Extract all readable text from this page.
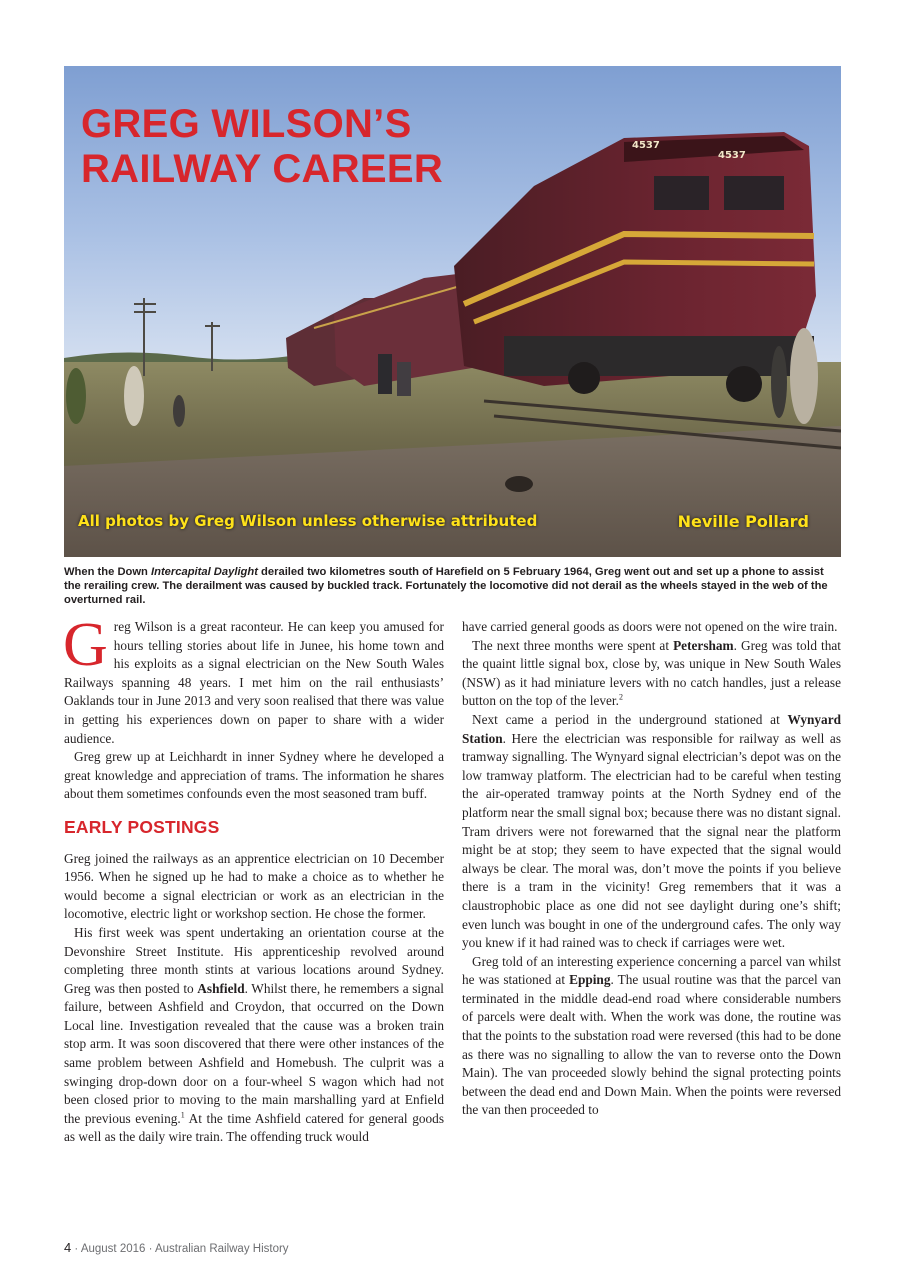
4537
4537
GREG WILSON’S
RAILWAY CAREER
All photos by Greg Wilson unless otherwise attributed	Neville Pollard

When the Down Intercapital Daylight derailed two kilometres south of Harefield on 5 February 1964, Greg went out and set up a phone to assist the rerailing crew. The derailment was caused by buckled track. Fortunately the locomotive did not derail as the wheels stayed in the web of the overturned rail.

Greg Wilson is a great raconteur. He can keep you amused for hours telling stories about life in Junee, his home town and his exploits as a signal electrician on the New South Wales Railways spanning 48 years. I met him on the rail enthusiasts’ Oaklands tour in June 2013 and very soon realised that there was value in getting his experiences down on paper to share with a wider audience.

Greg grew up at Leichhardt in inner Sydney where he developed a great knowledge and appreciation of trams. The information he shares about them sometimes confounds even the most seasoned tram buff.

EARLY POSTINGS

Greg joined the railways as an apprentice electrician on 10 December 1956. When he signed up he had to make a choice as to whether he would become a signal electrician or work as an electrician in the locomotive, electric light or workshop section. He chose the former.

His first week was spent undertaking an orientation course at the Devonshire Street Institute. His apprenticeship revolved around completing three month stints at various locations around Sydney. Greg was then posted to Ashfield. Whilst there, he remembers a signal failure, between Ashfield and Croydon, that occurred on the Down Local line. Investigation revealed that the cause was a broken train stop arm. It was soon discovered that there were other instances of the same problem between Ashfield and Homebush. The culprit was a swinging drop-down door on a four-wheel S wagon which had not been closed prior to moving to the main marshalling yard at Enfield the previous evening.$^1$ At the time Ashfield catered for general goods as well as the daily wire train. The offending truck would

have carried general goods as doors were not opened on the wire train.

The next three months were spent at Petersham. Greg was told that the quaint little signal box, close by, was unique in New South Wales (NSW) as it had miniature levers with no catch handles, just a release button on the top of the lever.$^2$

Next came a period in the underground stationed at Wynyard Station. Here the electrician was responsible for railway as well as tramway signalling. The Wynyard signal electrician’s depot was on the low tramway platform. The electrician had to be careful when testing the air-operated tramway points at the North Sydney end of the platform near the small signal box; because there was no distant signal. Tram drivers were not forewarned that the signal near the platform might be at stop; they seem to have expected that the signal would always be clear. The moral was, don’t move the points if you believe there is a tram in the vicinity! Greg remembers that it was a claustrophobic place as one did not see daylight during one’s shift; even lunch was bought in one of the underground cafes. The only way you knew if it had rained was to check if carriages were wet.

Greg told of an interesting experience concerning a parcel van whilst he was stationed at Epping. The usual routine was that the parcel van terminated in the middle dead-end road where considerable numbers of parcels were dealt with. When the work was done, the routine was that the points to the substation road were reversed (this had to be done as there was no signalling to allow the van to reverse onto the Down Main). The van proceeded slowly behind the signal protecting points between the dead end and Down Main. When the points were reversed the van then proceeded to

4 · August 2016 · Australian Railway History
